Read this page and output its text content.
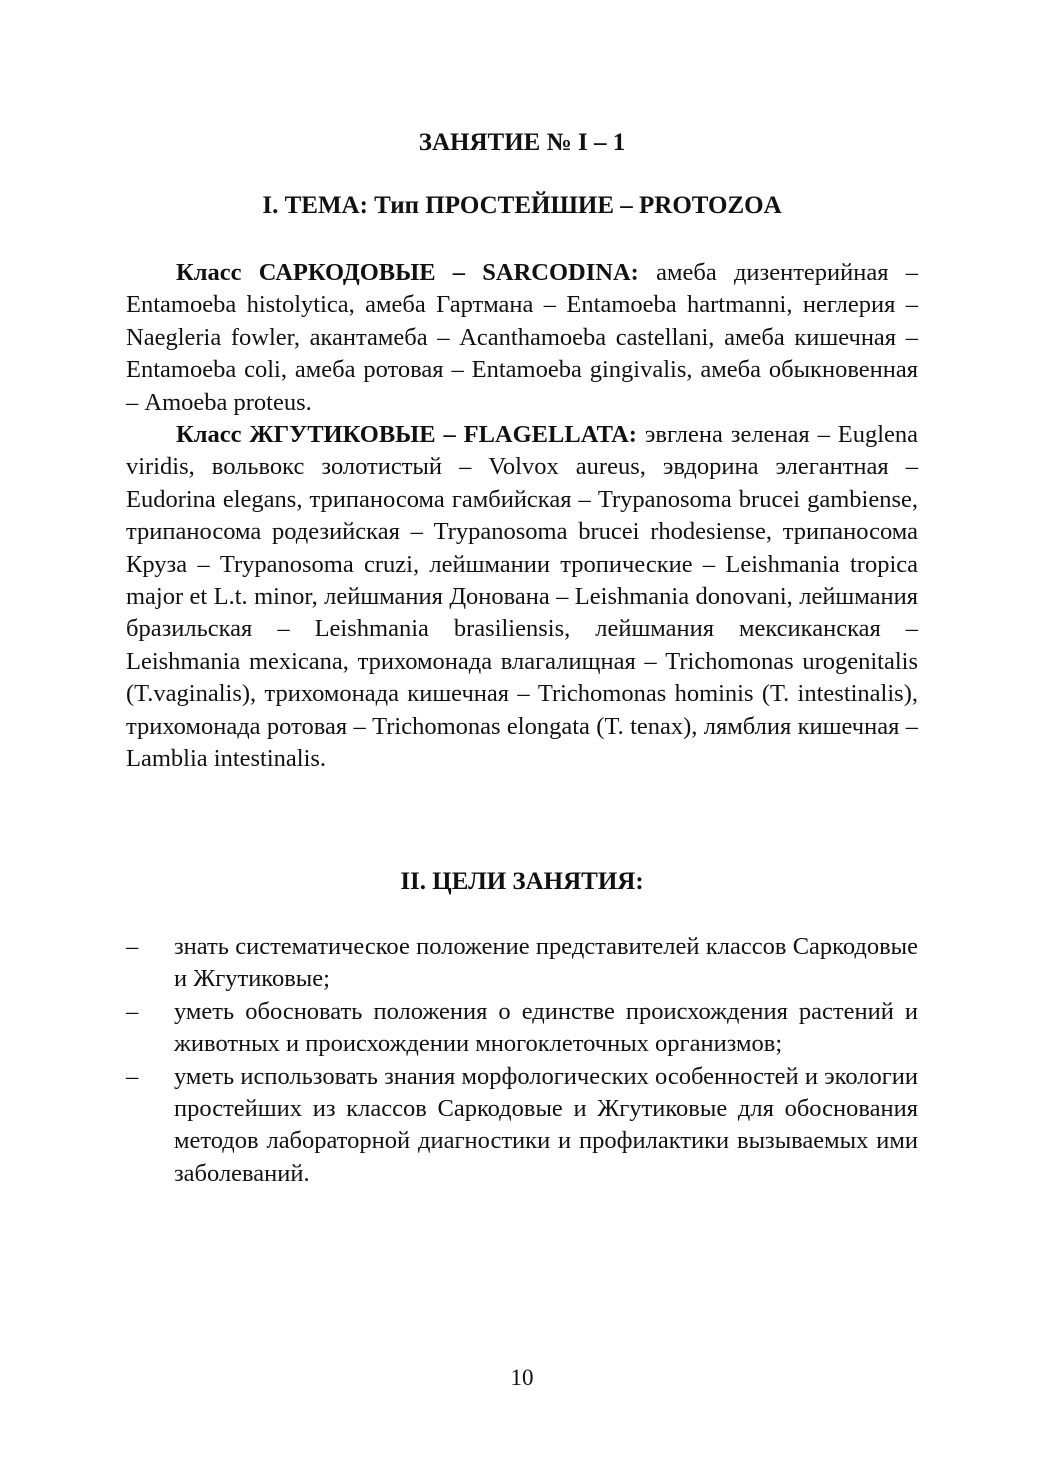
ЗАНЯТИЕ № I – 1
I. ТЕМА: Тип ПРОСТЕЙШИЕ – PROTOZOA

Класс САРКОДОВЫЕ – SARCODINA: амеба дизентерийная – Entamoeba histolytica, амеба Гартмана – Entamoeba hartmanni, неглерия – Naegleria fowler, акантамеба – Acanthamoeba castellani, амеба кишечная – Entamoeba coli, амеба ротовая – Entamoeba gingivalis, амеба обыкновенная – Amoeba proteus.

Класс ЖГУТИКОВЫЕ – FLAGELLATA: эвглена зеленая – Euglena viridis, вольвокс золотистый – Volvox aureus, эвдорина элегантная – Eudorina elegans, трипаносома гамбийская – Trypanosoma brucei gambiense, трипаносома родезийская – Trypanosoma brucei rhodesiense, трипаносома Круза – Trypanosoma cruzi, лейшмании тропические – Leishmania tropica major et L.t. minor, лейшмания Донована – Leishmania donovani, лейшмания бразильская – Leishmania brasiliensis, лейшмания мексиканская – Leishmania mexicana, трихомонада влагалищная – Trichomonas urogenitalis (T.vaginalis), трихомонада кишечная – Trichomonas hominis (T. intestinalis), трихомонада ротовая – Trichomonas elongata (T. tenax), лямблия кишечная – Lamblia intestinalis.

II. ЦЕЛИ ЗАНЯТИЯ:
– знать систематическое положение представителей классов Саркодовые и Жгутиковые;
– уметь обосновать положения о единстве происхождения растений и животных и происхождении многоклеточных организмов;
– уметь использовать знания морфологических особенностей и экологии простейших из классов Саркодовые и Жгутиковые для обоснования методов лабораторной диагностики и профилактики вызываемых ими заболеваний.
10
